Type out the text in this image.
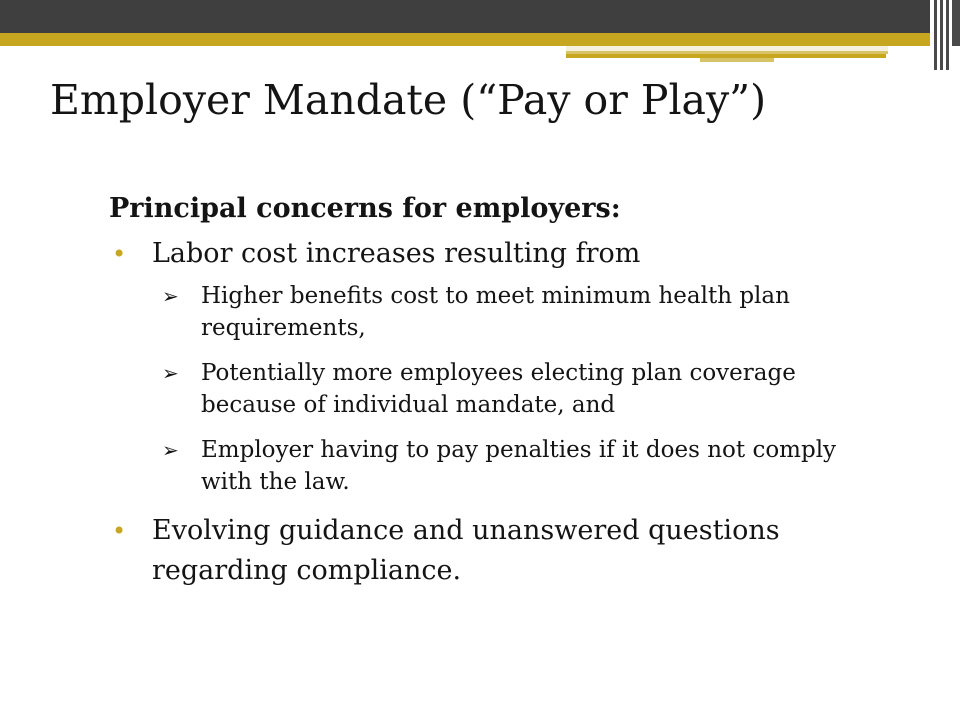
Employer Mandate (“Pay or Play”)

Principal concerns for employers:

• Labor cost increases resulting from
➢ Higher benefits cost to meet minimum health plan requirements,
➢ Potentially more employees electing plan coverage because of individual mandate, and
➢ Employer having to pay penalties if it does not comply with the law.
• Evolving guidance and unanswered questions regarding compliance.
